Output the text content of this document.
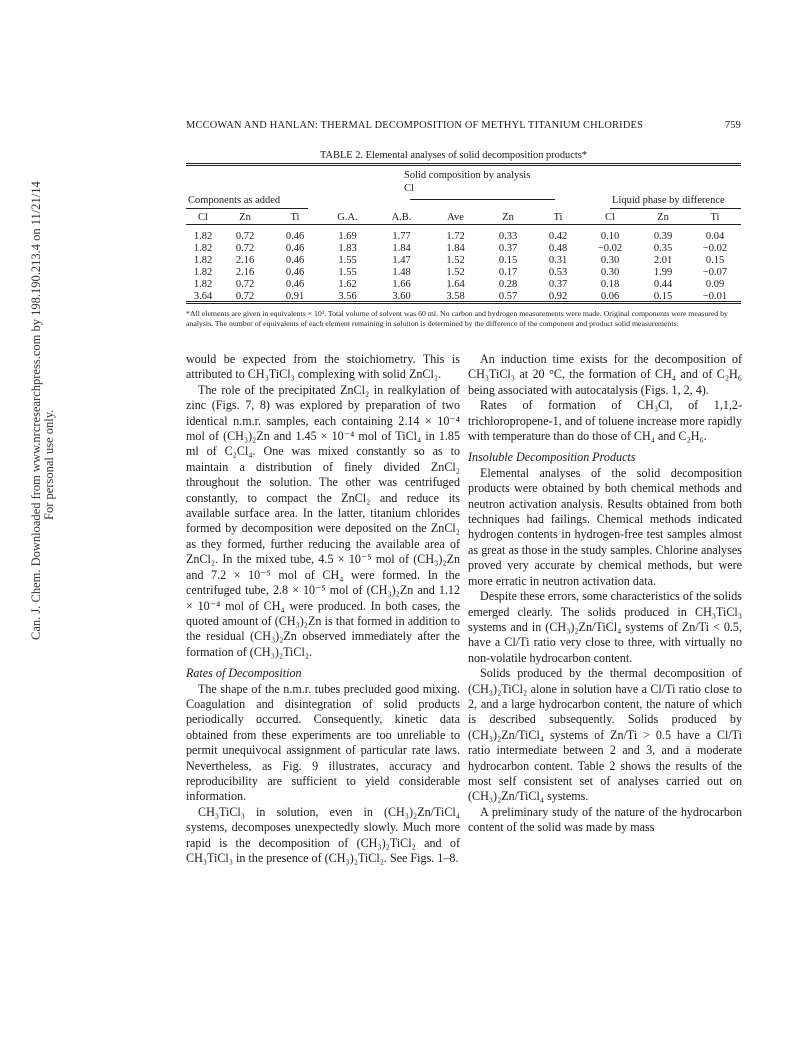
Can. J. Chem. Downloaded from www.nrcresearchpress.com by 198.190.213.4 on 11/21/14 For personal use only.
MCCOWAN AND HANLAN: THERMAL DECOMPOSITION OF METHYL TITANIUM CHLORIDES	759
TABLE 2. Elemental analyses of solid decomposition products*
Solid composition by analysis
Cl
Components as added	Liquid phase by difference
Cl	Zn	Ti	G.A.	A.B.	Ave	Zn	Ti	Cl	Zn	Ti
1.82	0.72	0.46	1.69	1.77	1.72	0.33	0.42	0.10	0.39	0.04
1.82	0.72	0.46	1.83	1.84	1.84	0.37	0.48	−0.02	0.35	−0.02
1.82	2.16	0.46	1.55	1.47	1.52	0.15	0.31	0.30	2.01	0.15
1.82	2.16	0.46	1.55	1.48	1.52	0.17	0.53	0.30	1.99	−0.07
1.82	0.72	0.46	1.62	1.66	1.64	0.28	0.37	0.18	0.44	0.09
3.64	0.72	0.91	3.56	3.60	3.58	0.57	0.92	0.06	0.15	−0.01
*All elements are given in equivalents × 10³. Total volume of solvent was 60 ml. No carbon and hydrogen measurements were made. Original components were measured by analysis. The number of equivalents of each element remaining in solution is determined by the difference of the component and product solid measurements.

would be expected from the stoichiometry. This is attributed to CH₃TiCl₃ complexing with solid ZnCl₂.

The role of the precipitated ZnCl₂ in realkylation of zinc (Figs. 7, 8) was explored by preparation of two identical n.m.r. samples, each containing 2.14 × 10⁻⁴ mol of (CH₃)₂Zn and 1.45 × 10⁻⁴ mol of TiCl₄ in 1.85 ml of C₂Cl₄. One was mixed constantly so as to maintain a distribution of finely divided ZnCl₂ throughout the solution. The other was centrifuged constantly, to compact the ZnCl₂ and reduce its available surface area. In the latter, titanium chlorides formed by decomposition were deposited on the ZnCl₂ as they formed, further reducing the available area of ZnCl₂. In the mixed tube, 4.5 × 10⁻⁵ mol of (CH₃)₂Zn and 7.2 × 10⁻⁵ mol of CH₄ were formed. In the centrifuged tube, 2.8 × 10⁻⁵ mol of (CH₃)₂Zn and 1.12 × 10⁻⁴ mol of CH₄ were produced. In both cases, the quoted amount of (CH₃)₂Zn is that formed in addition to the residual (CH₃)₂Zn observed immediately after the formation of (CH₃)₂TiCl₂.

Rates of Decomposition

The shape of the n.m.r. tubes precluded good mixing. Coagulation and disintegration of solid products periodically occurred. Consequently, kinetic data obtained from these experiments are too unreliable to permit unequivocal assignment of particular rate laws. Nevertheless, as Fig. 9 illustrates, accuracy and reproducibility are sufficient to yield considerable information.

CH₃TiCl₃ in solution, even in (CH₃)₂Zn/TiCl₄ systems, decomposes unexpectedly slowly. Much more rapid is the decomposition of (CH₃)₂TiCl₂ and of CH₃TiCl₃ in the presence of (CH₃)₂TiCl₂. See Figs. 1–8.

An induction time exists for the decomposition of CH₃TiCl₃ at 20 °C, the formation of CH₄ and of C₂H₆ being associated with autocatalysis (Figs. 1, 2, 4).

Rates of formation of CH₃Cl, of 1,1,2-trichloropropene-1, and of toluene increase more rapidly with temperature than do those of CH₄ and C₂H₆.

Insoluble Decomposition Products

Elemental analyses of the solid decomposition products were obtained by both chemical methods and neutron activation analysis. Results obtained from both techniques had failings. Chemical methods indicated hydrogen contents in hydrogen-free test samples almost as great as those in the study samples. Chlorine analyses proved very accurate by chemical methods, but were more erratic in neutron activation data.

Despite these errors, some characteristics of the solids emerged clearly. The solids produced in CH₃TiCl₃ systems and in (CH₃)₂Zn/TiCl₄ systems of Zn/Ti < 0.5, have a Cl/Ti ratio very close to three, with virtually no non-volatile hydrocarbon content.

Solids produced by the thermal decomposition of (CH₃)₂TiCl₂ alone in solution have a Cl/Ti ratio close to 2, and a large hydrocarbon content, the nature of which is described subsequently. Solids produced by (CH₃)₂Zn/TiCl₄ systems of Zn/Ti > 0.5 have a Cl/Ti ratio intermediate between 2 and 3, and a moderate hydrocarbon content. Table 2 shows the results of the most self consistent set of analyses carried out on (CH₃)₂Zn/TiCl₄ systems.

A preliminary study of the nature of the hydrocarbon content of the solid was made by mass
